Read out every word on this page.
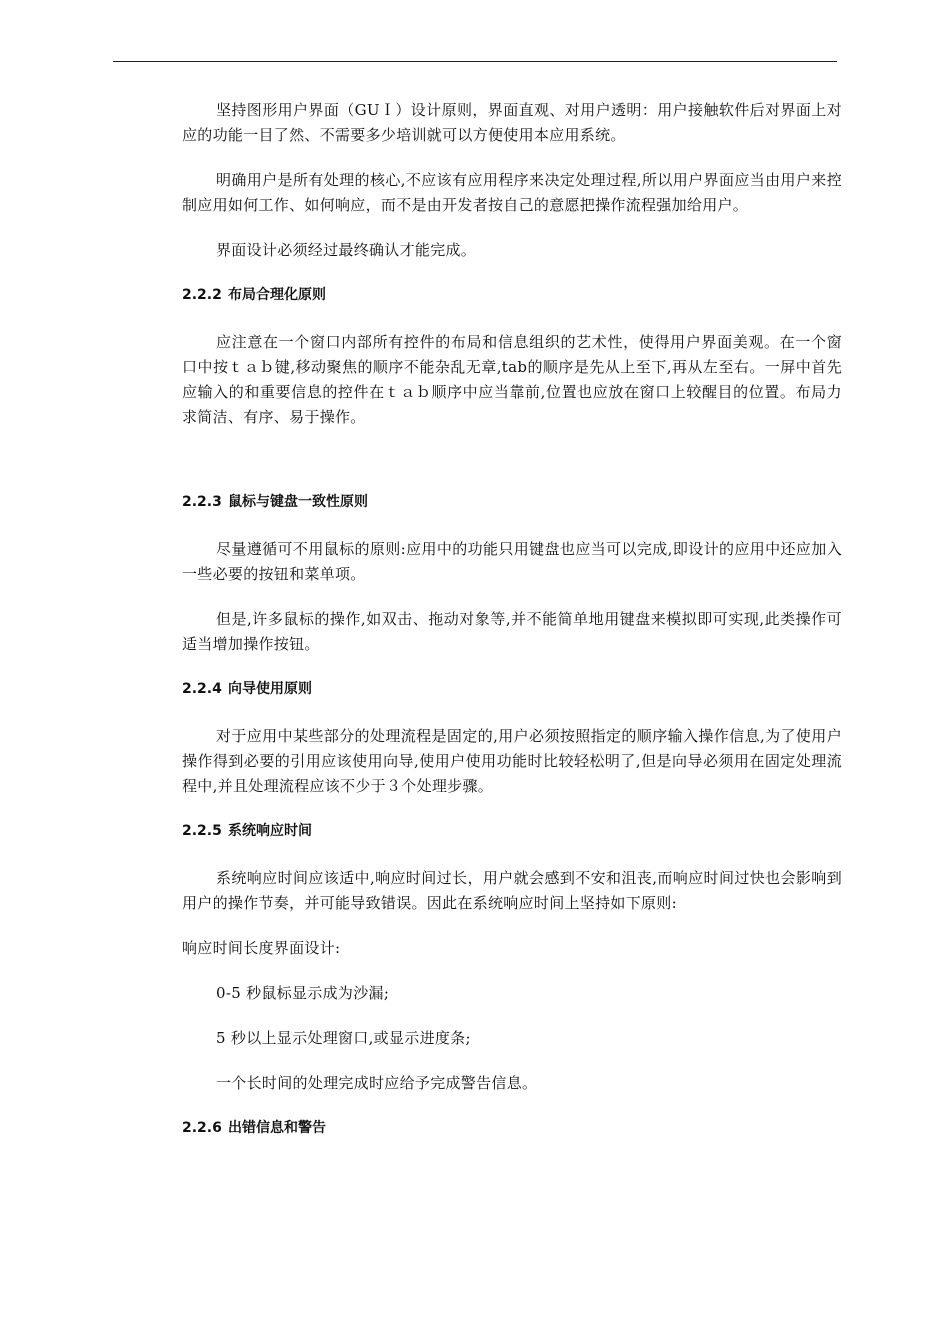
坚持图形用户界面（GUＩ）设计原则，界面直观、对用户透明：用户接触软件后对界面上对应的功能一目了然、不需要多少培训就可以方便使用本应用系统。

明确用户是所有处理的核心,不应该有应用程序来决定处理过程,所以用户界面应当由用户来控制应用如何工作、如何响应，而不是由开发者按自己的意愿把操作流程强加给用户。

界面设计必须经过最终确认才能完成。

2.2.2 布局合理化原则

应注意在一个窗口内部所有控件的布局和信息组织的艺术性，使得用户界面美观。在一个窗口中按ｔａｂ键,移动聚焦的顺序不能杂乱无章,tab的顺序是先从上至下,再从左至右。一屏中首先应输入的和重要信息的控件在ｔａｂ顺序中应当靠前,位置也应放在窗口上较醒目的位置。布局力求简洁、有序、易于操作。

2.2.3 鼠标与键盘一致性原则

尽量遵循可不用鼠标的原则:应用中的功能只用键盘也应当可以完成,即设计的应用中还应加入一些必要的按钮和菜单项。

但是,许多鼠标的操作,如双击、拖动对象等,并不能简单地用键盘来模拟即可实现,此类操作可适当增加操作按钮。

2.2.4 向导使用原则

对于应用中某些部分的处理流程是固定的,用户必须按照指定的顺序输入操作信息,为了使用户操作得到必要的引用应该使用向导,使用户使用功能时比较轻松明了,但是向导必须用在固定处理流程中,并且处理流程应该不少于３个处理步骤。

2.2.5 系统响应时间

系统响应时间应该适中,响应时间过长，用户就会感到不安和沮丧,而响应时间过快也会影响到用户的操作节奏，并可能导致错误。因此在系统响应时间上坚持如下原则:

响应时间长度界面设计:

0-5 秒鼠标显示成为沙漏;

5 秒以上显示处理窗口,或显示进度条;

一个长时间的处理完成时应给予完成警告信息。

2.2.6 出错信息和警告
